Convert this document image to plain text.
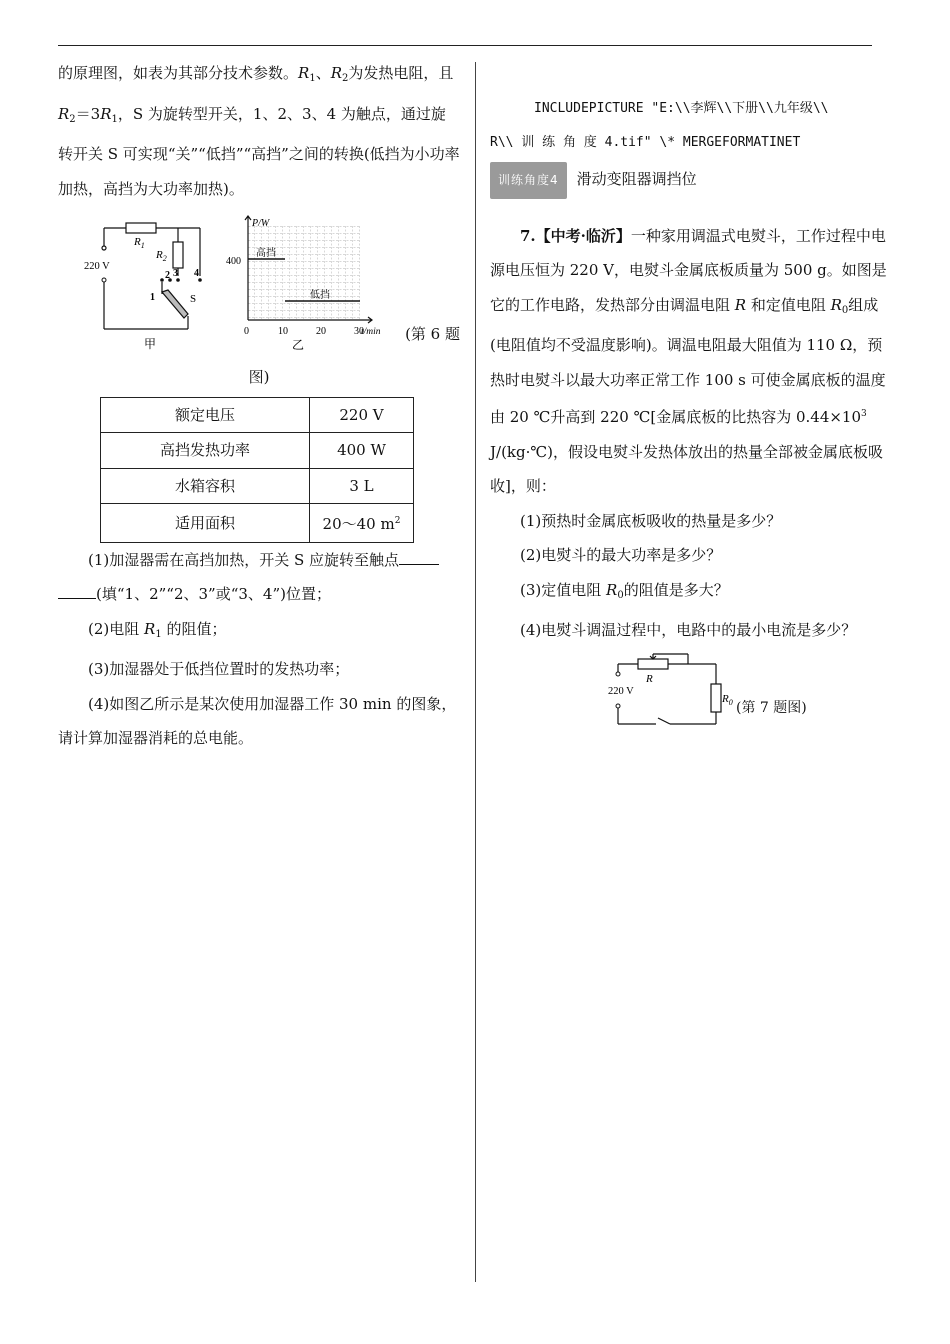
的原理图，如表为其部分技术参数。$R_1$、$R_2$为发热电阻，且 $R_2=3R_1$，S 为旋转型开关，1、2、3、4 为触点，通过旋转开关 S 可实现“关”“低挡”“高挡”之间的转换(低挡为小功率加热，高挡为大功率加热)。

$R_1$
$R_2$
220 V
1
2 3 4
S
甲
P/W
400
高挡
低挡
0	10	20	30
t/min
乙
(第 6 题

图)

额定电压	220 V
高挡发热功率	400 W
水箱容积	3 L
适用面积	20～40 $m^2$

(1)加湿器需在高挡加热，开关 S 应旋转至触点
(填“1、2”“2、3”或“3、4”)位置；

(2)电阻 $R_1$ 的阻值；

(3)加湿器处于低挡位置时的发热功率；

(4)如图乙所示是某次使用加湿器工作 30 min 的图象，请计算加湿器消耗的总电能。

INCLUDEPICTURE "E:\\李辉\\下册\\九年级\\

R\\ 训 练 角 度 4.tif" \* MERGEFORMATINET

训练角度4 滑动变阻器调挡位

7.【中考·临沂】一种家用调温式电熨斗，工作过程中电源电压恒为 220 V，电熨斗金属底板质量为 500 g。如图是它的工作电路，发热部分由调温电阻 R 和定值电阻 $R_0$组成(电阻值均不受温度影响)。调温电阻最大阻值为 110 Ω，预热时电熨斗以最大功率正常工作 100 s 可使金属底板的温度由 20 ℃升高到 220 ℃[金属底板的比热容为 $0.44\times 10^3$ J/(kg·℃)，假设电熨斗发热体放出的热量全部被金属底板吸收]，则：

(1)预热时金属底板吸收的热量是多少？

(2)电熨斗的最大功率是多少？

(3)定值电阻 $R_0$的阻值是多大？

(4)电熨斗调温过程中，电路中的最小电流是多少？

R
$R_0$
220 V
(第 7 题图)
